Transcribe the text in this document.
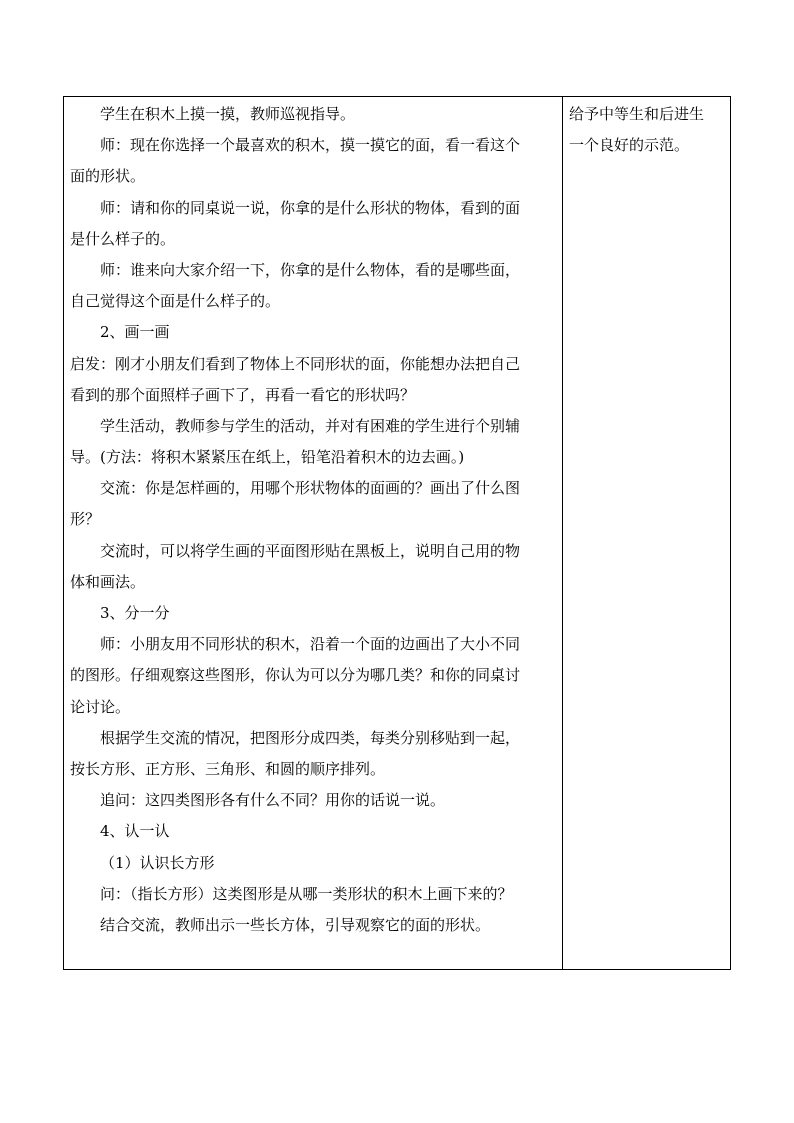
学生在积木上摸一摸，教师巡视指导。
师：现在你选择一个最喜欢的积木，摸一摸它的面，看一看这个
面的形状。
师：请和你的同桌说一说，你拿的是什么形状的物体，看到的面
是什么样子的。
师：谁来向大家介绍一下，你拿的是什么物体，看的是哪些面，
自己觉得这个面是什么样子的。
2、画一画
启发：刚才小朋友们看到了物体上不同形状的面，你能想办法把自己
看到的那个面照样子画下了，再看一看它的形状吗？
学生活动，教师参与学生的活动，并对有困难的学生进行个别辅
导。(方法：将积木紧紧压在纸上，铅笔沿着积木的边去画。)
交流：你是怎样画的，用哪个形状物体的面画的？画出了什么图
形？
交流时，可以将学生画的平面图形贴在黑板上，说明自己用的物
体和画法。
3、分一分
师：小朋友用不同形状的积木，沿着一个面的边画出了大小不同
的图形。仔细观察这些图形，你认为可以分为哪几类？和你的同桌讨
论讨论。
根据学生交流的情况，把图形分成四类，每类分别移贴到一起，
按长方形、正方形、三角形、和圆的顺序排列。
追问：这四类图形各有什么不同？用你的话说一说。
4、认一认
（1）认识长方形
问：（指长方形）这类图形是从哪一类形状的积木上画下来的？
结合交流，教师出示一些长方体，引导观察它的面的形状。
给予中等生和后进生
一个良好的示范。
